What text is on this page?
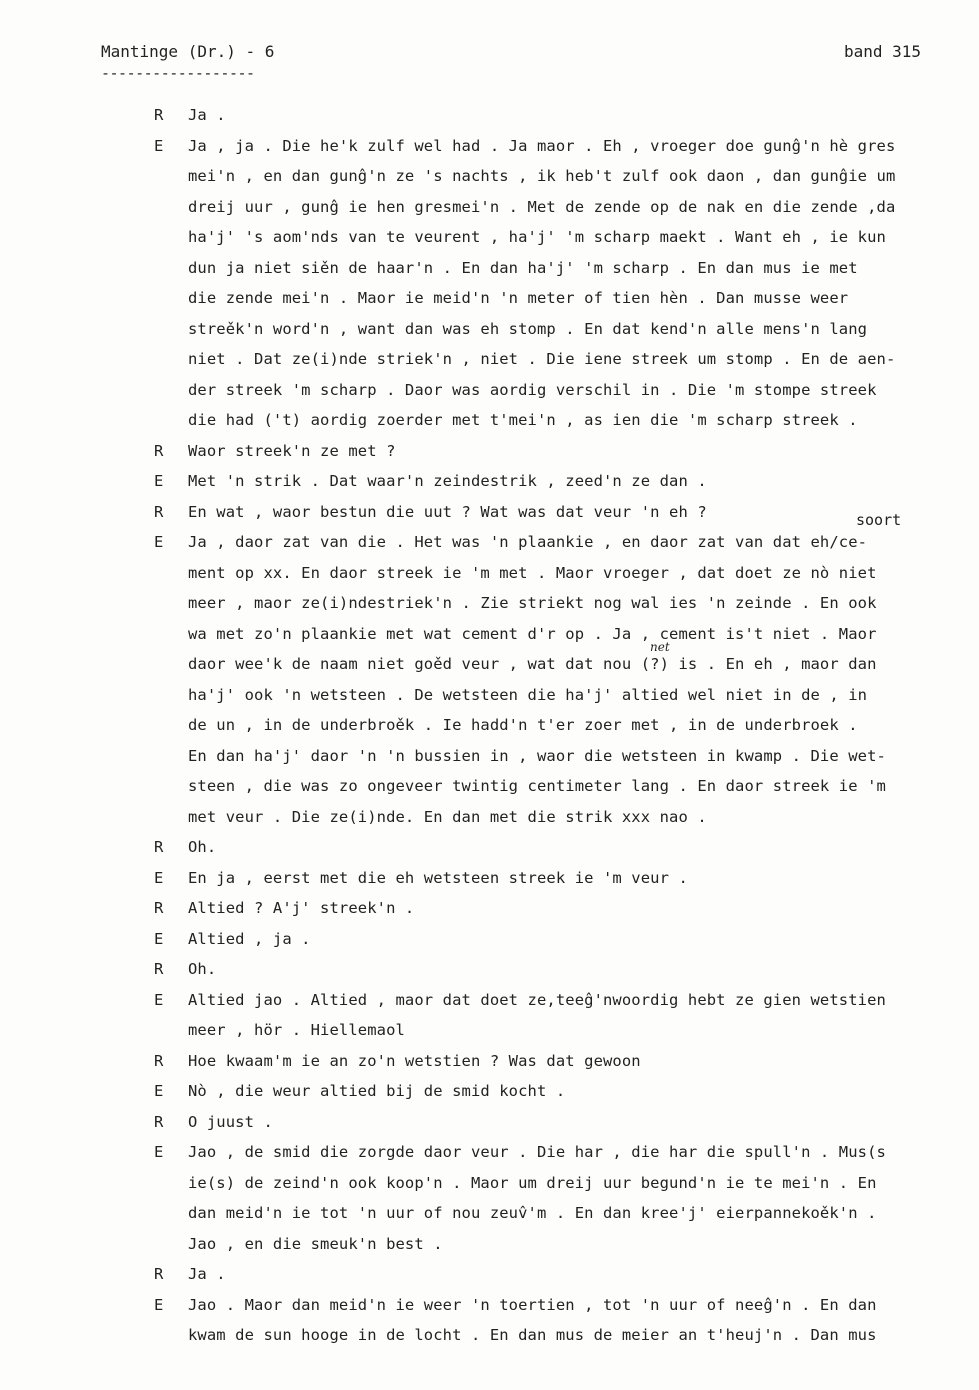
Mantinge (Dr.) - 6	band 315
------------------
R	Ja .
E	Ja , ja . Die he'k zulf wel had . Ja maor . Eh , vroeger doe gunĝ'n hè gres
mei'n , en dan gunĝ'n ze 's nachts , ik heb't zulf ook daon , dan gunĝie um
dreij uur , gunĝ ie hen gresmei'n . Met de zende op de nak en die zende ,da
ha'j' 's aom'nds van te veurent , ha'j' 'm scharp maekt . Want eh , ie kun
dun ja niet siěn de haar'n . En dan ha'j' 'm scharp . En dan mus ie met
die zende mei'n . Maor ie meid'n 'n meter of tien hèn . Dan musse weer
streěk'n word'n , want dan was eh stomp . En dat kend'n alle mens'n lang
niet . Dat ze(i)nde striek'n , niet . Die iene streek um stomp . En de aen-
der streek 'm scharp . Daor was aordig verschil in . Die 'm stompe streek
die had ('t) aordig zoerder met t'mei'n , as ien die 'm scharp streek .
R	Waor streek'n ze met ?
E	Met 'n strik . Dat waar'n zeindestrik , zeed'n ze dan .
R	En wat , waor bestun die uut ? Wat was dat veur 'n eh ?
E	Ja , daor zat van die . Het was 'n plaankie , en daor zat van dat eh/ce-
ment op xx. En daor streek ie 'm met . Maor vroeger , dat doet ze nò niet
meer , maor ze(i)ndestriek'n . Zie striekt nog wal ies 'n zeinde . En ook
wa met zo'n plaankie met wat cement d'r op . Ja , cement is't niet . Maor
daor wee'k de naam niet goěd veur , wat dat nou (?) is . En eh , maor dan
ha'j' ook 'n wetsteen . De wetsteen die ha'j' altied wel niet in de , in
de un , in de underbroěk . Ie hadd'n t'er zoer met , in de underbroek .
En dan ha'j' daor 'n 'n bussien in , waor die wetsteen in kwamp . Die wet-
steen , die was zo ongeveer twintig centimeter lang . En daor streek ie 'm
met veur . Die ze(i)nde. En dan met die strik xxx nao .
R	Oh.
E	En ja , eerst met die eh wetsteen streek ie 'm veur .
R	Altied ? A'j' streek'n .
E	Altied , ja .
R	Oh.
E	Altied jao . Altied , maor dat doet ze,teeĝ'nwoordig hebt ze gien wetstien
meer , hör . Hiellemaol
R	Hoe kwaam'm ie an zo'n wetstien ? Was dat gewoon
E	Nò , die weur altied bij de smid kocht .
R	O juust .
E	Jao , de smid die zorgde daor veur . Die har , die har die spull'n . Mus(s
ie(s) de zeind'n ook koop'n . Maor um dreij uur begund'n ie te mei'n . En
dan meid'n ie tot 'n uur of nou zeuv̂'m . En dan kree'j' eierpannekoěk'n .
Jao , en die smeuk'n best .
R	Ja .
E	Jao . Maor dan meid'n ie weer 'n toertien , tot 'n uur of neeĝ'n . En dan
kwam de sun hooge in de locht . En dan mus de meier an t'heuj'n . Dan mus
soort
net
